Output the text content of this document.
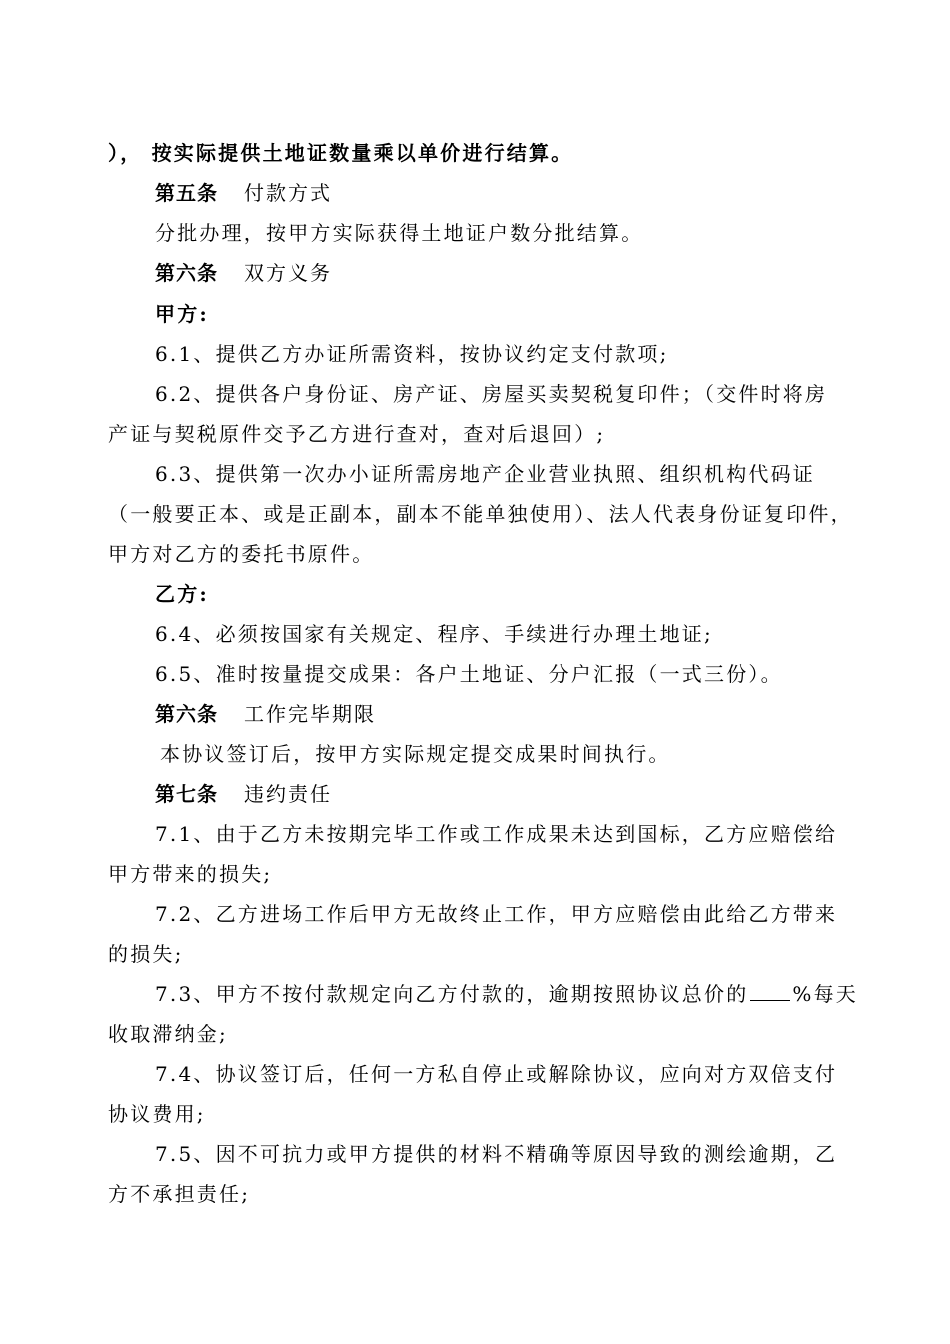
）， 按实际提供土地证数量乘以单价进行结算。
第五条 付款方式
分批办理，按甲方实际获得土地证户数分批结算。
第六条 双方义务
甲方:
6.1、提供乙方办证所需资料，按协议约定支付款项;
6.2、提供各户身份证、房产证、房屋买卖契税复印件；（交件时将房
产证与契税原件交予乙方进行查对，查对后退回）;
6.3、提供第一次办小证所需房地产企业营业执照、组织机构代码证
（一般要正本、或是正副本，副本不能单独使用）、法人代表身份证复印件，
甲方对乙方的委托书原件。
乙方:
6.4、必须按国家有关规定、程序、手续进行办理土地证;
6.5、准时按量提交成果：各户土地证、分户汇报（一式三份）。
第六条 工作完毕期限
本协议签订后，按甲方实际规定提交成果时间执行。
第七条 违约责任
7.1、由于乙方未按期完毕工作或工作成果未达到国标，乙方应赔偿给
甲方带来的损失;
7.2、乙方进场工作后甲方无故终止工作，甲方应赔偿由此给乙方带来
的损失;
7.3、甲方不按付款规定向乙方付款的，逾期按照协议总价的 %每天
收取滞纳金;
7.4、协议签订后，任何一方私自停止或解除协议，应向对方双倍支付
协议费用;
7.5、因不可抗力或甲方提供的材料不精确等原因导致的测绘逾期，乙
方不承担责任;
